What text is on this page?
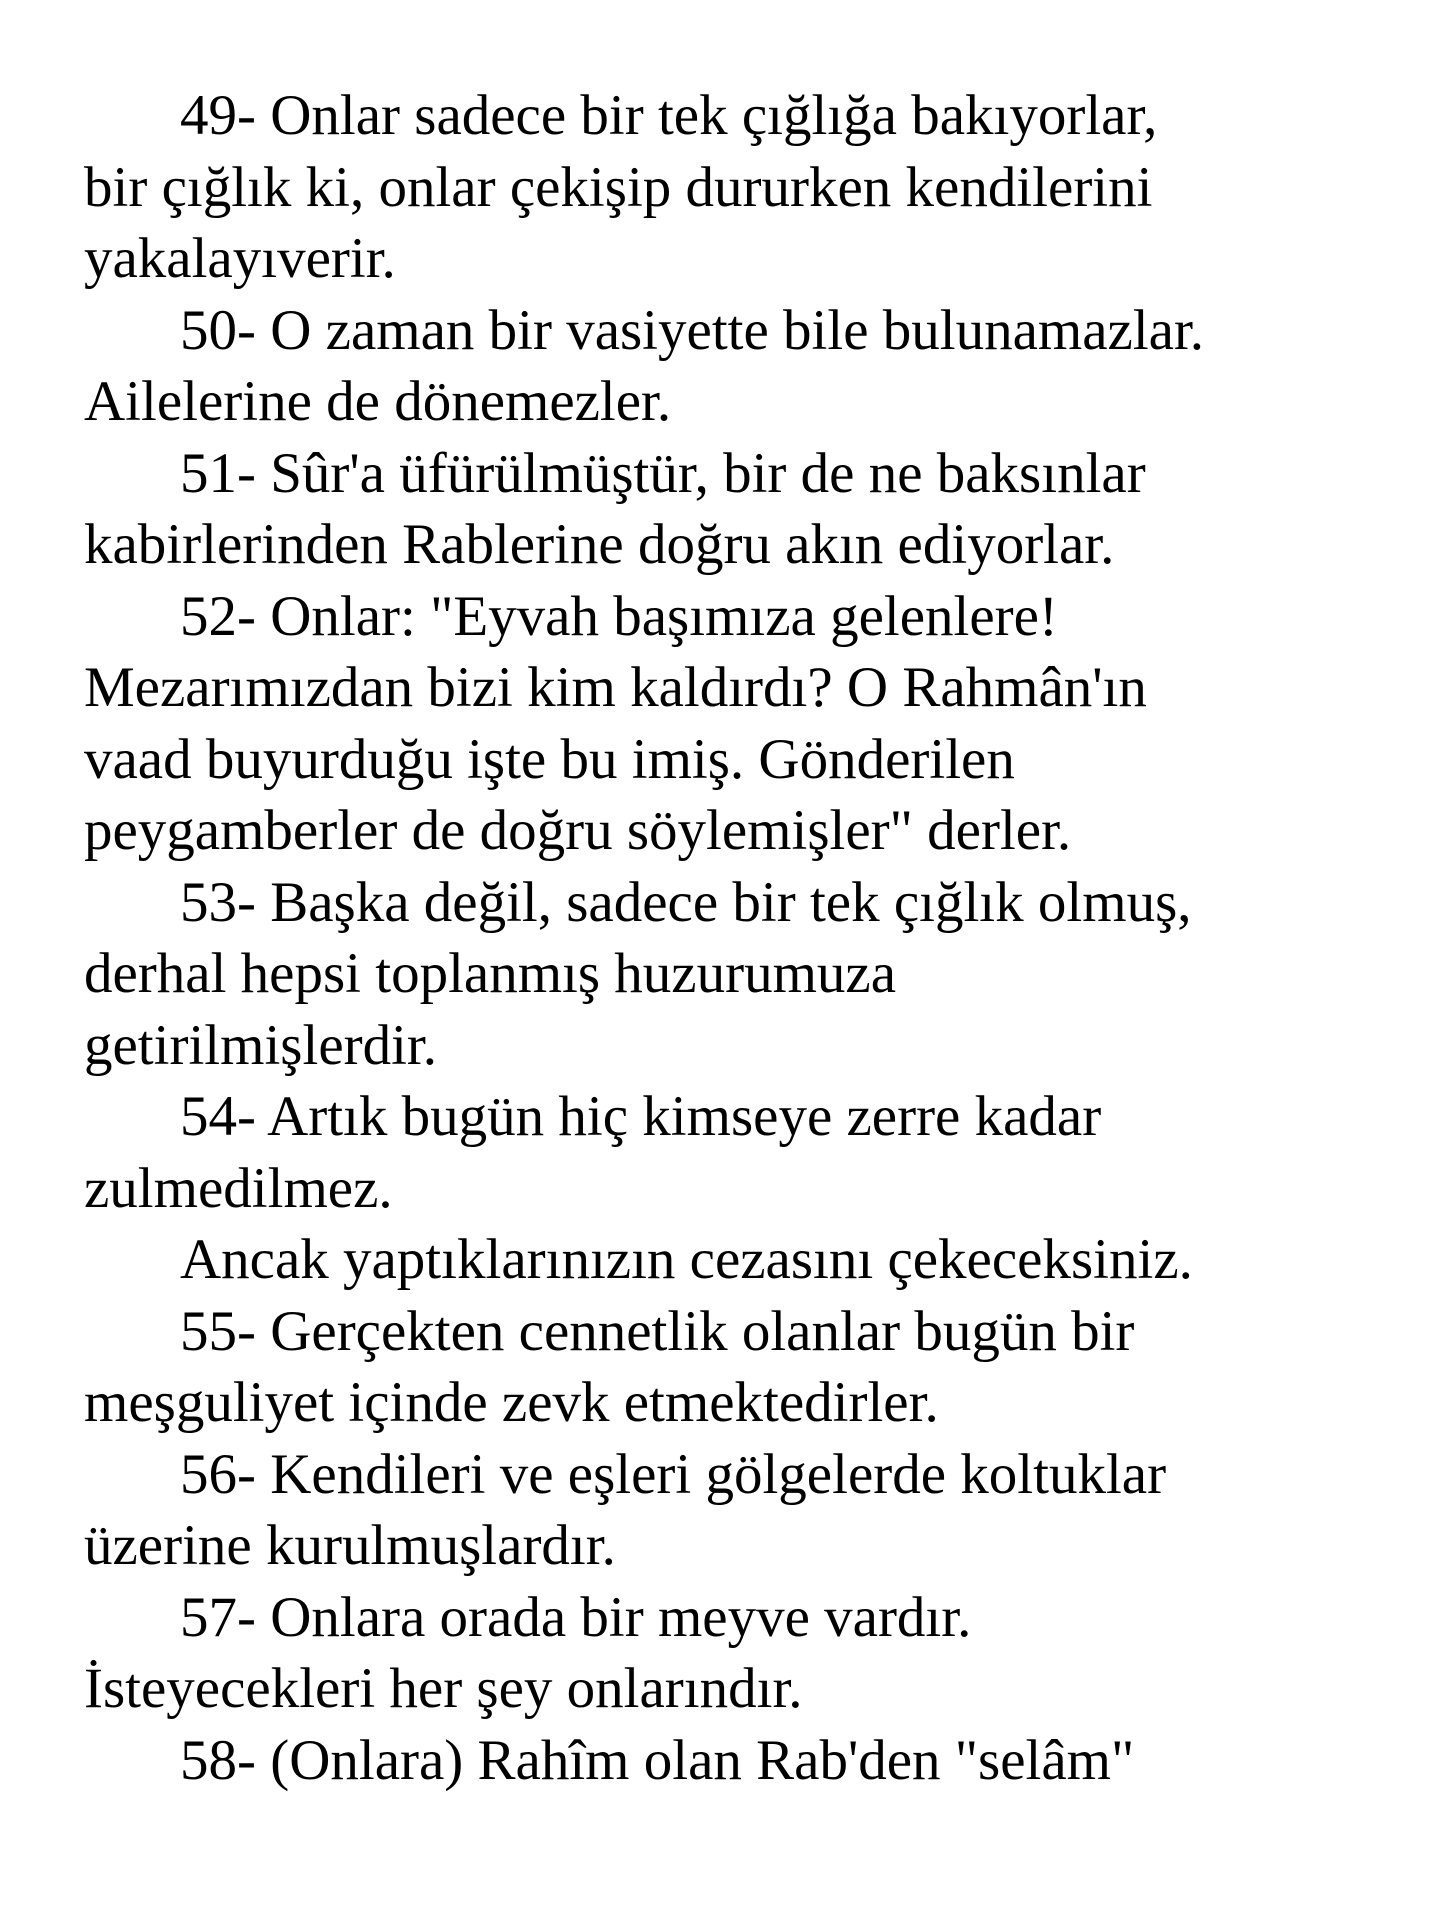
49- Onlar sadece bir tek çığlığa bakıyorlar,
bir çığlık ki, onlar çekişip dururken kendilerini
yakalayıverir.
50- O zaman bir vasiyette bile bulunamazlar.
Ailelerine de dönemezler.
51- Sûr'a üfürülmüştür, bir de ne baksınlar
kabirlerinden Rablerine doğru akın ediyorlar.
52- Onlar: "Eyvah başımıza gelenlere!
Mezarımızdan bizi kim kaldırdı? O Rahmân'ın
vaad buyurduğu işte bu imiş. Gönderilen
peygamberler de doğru söylemişler" derler.
53- Başka değil, sadece bir tek çığlık olmuş,
derhal hepsi toplanmış huzurumuza
getirilmişlerdir.
54- Artık bugün hiç kimseye zerre kadar
zulmedilmez.
Ancak yaptıklarınızın cezasını çekeceksiniz.
55- Gerçekten cennetlik olanlar bugün bir
meşguliyet içinde zevk etmektedirler.
56- Kendileri ve eşleri gölgelerde koltuklar
üzerine kurulmuşlardır.
57- Onlara orada bir meyve vardır.
İsteyecekleri her şey onlarındır.
58- (Onlara) Rahîm olan Rab'den "selâm"
